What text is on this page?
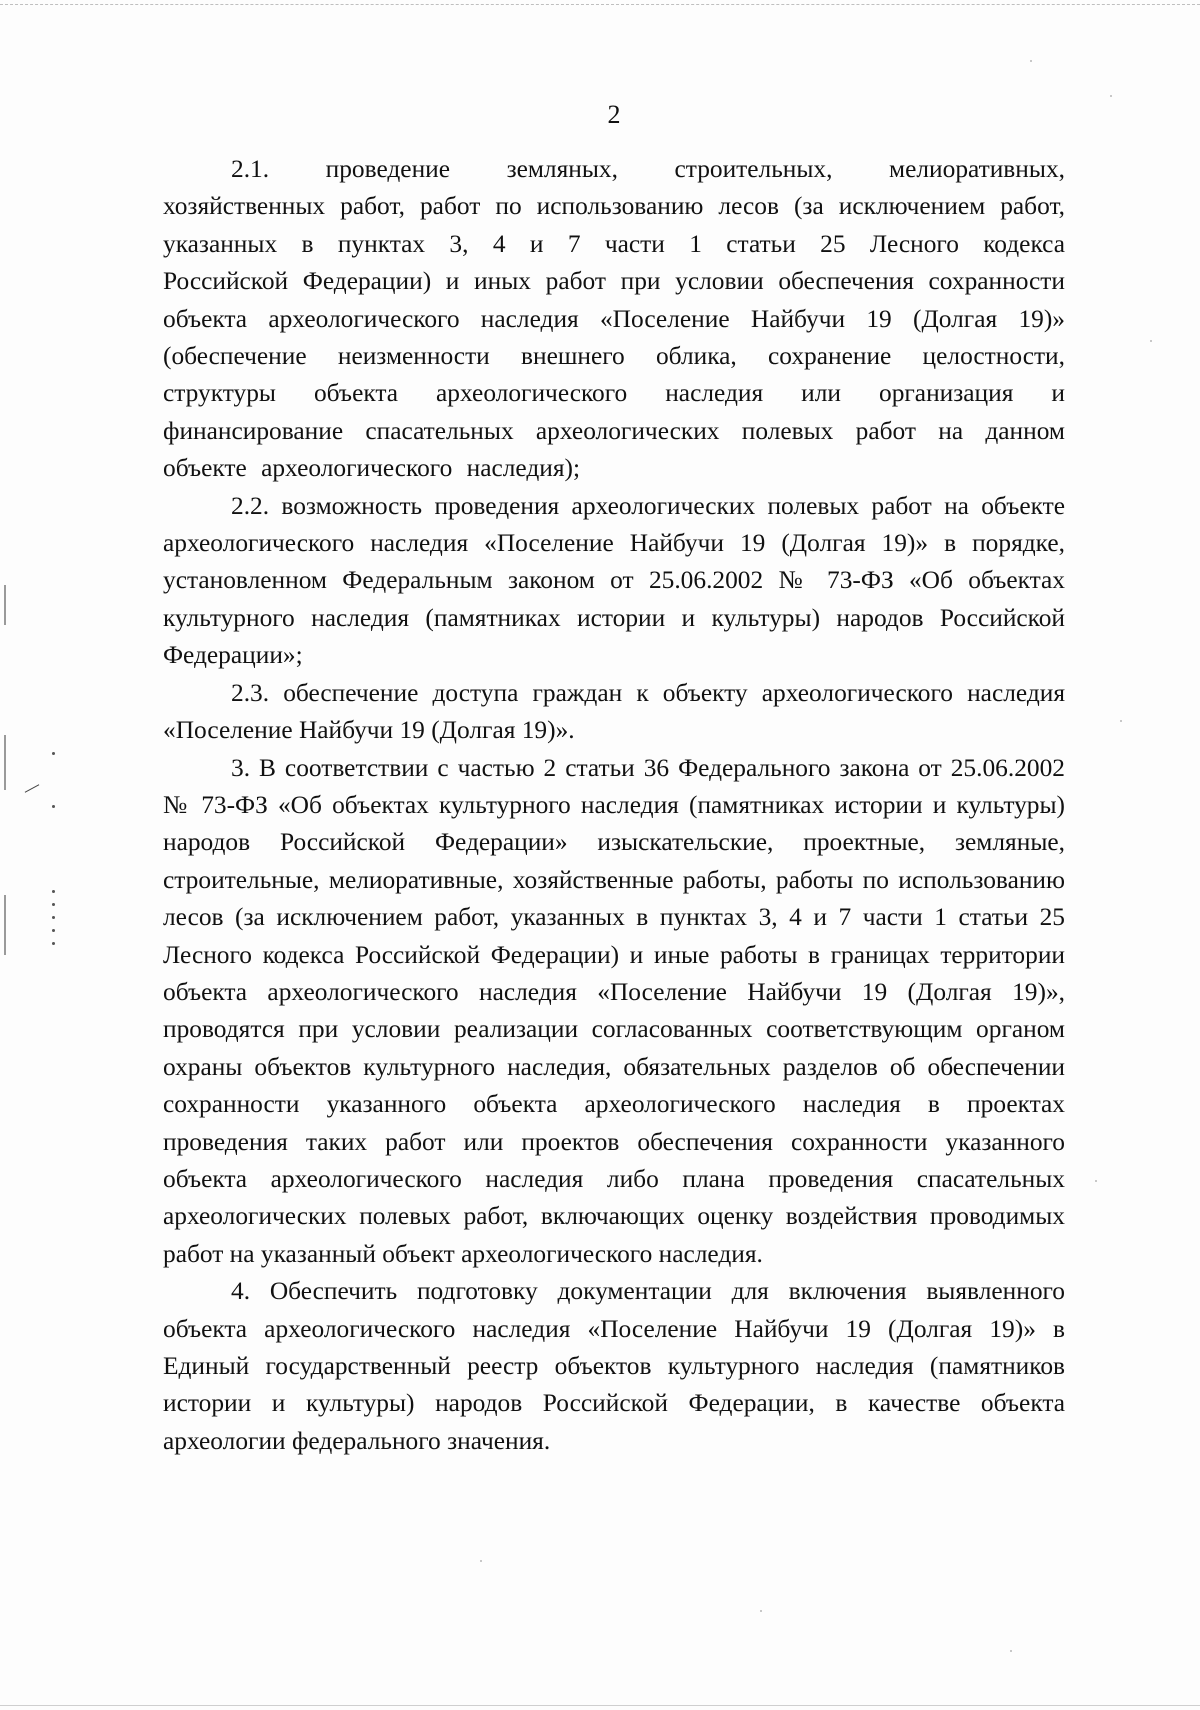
2

2.1. проведение земляных, строительных, мелиоративных, хозяйственных работ, работ по использованию лесов (за исключением работ, указанных в пунктах 3, 4 и 7 части 1 статьи 25 Лесного кодекса Российской Федерации) и иных работ при условии обеспечения сохранности объекта археологического наследия «Поселение Найбучи 19 (Долгая 19)» (обеспечение неизменности внешнего облика, сохранение целостности, структуры объекта археологического наследия или организация и финансирование спасательных археологических полевых работ на данном объекте археологического наследия);

2.2. возможность проведения археологических полевых работ на объекте археологического наследия «Поселение Найбучи 19 (Долгая 19)» в порядке, установленном Федеральным законом от 25.06.2002 № 73-ФЗ «Об объектах культурного наследия (памятниках истории и культуры) народов Российской Федерации»;

2.3. обеспечение доступа граждан к объекту археологического наследия «Поселение Найбучи 19 (Долгая 19)».

3. В соответствии с частью 2 статьи 36 Федерального закона от 25.06.2002 № 73-ФЗ «Об объектах культурного наследия (памятниках истории и культуры) народов Российской Федерации» изыскательские, проектные, земляные, строительные, мелиоративные, хозяйственные работы, работы по использованию лесов (за исключением работ, указанных в пунктах 3, 4 и 7 части 1 статьи 25 Лесного кодекса Российской Федерации) и иные работы в границах территории объекта археологического наследия «Поселение Найбучи 19 (Долгая 19)», проводятся при условии реализации согласованных соответствующим органом охраны объектов культурного наследия, обязательных разделов об обеспечении сохранности указанного объекта археологического наследия в проектах проведения таких работ или проектов обеспечения сохранности указанного объекта археологического наследия либо плана проведения спасательных археологических полевых работ, включающих оценку воздействия проводимых работ на указанный объект археологического наследия.

4. Обеспечить подготовку документации для включения выявленного объекта археологического наследия «Поселение Найбучи 19 (Долгая 19)» в Единый государственный реестр объектов культурного наследия (памятников истории и культуры) народов Российской Федерации, в качестве объекта археологии федерального значения.
